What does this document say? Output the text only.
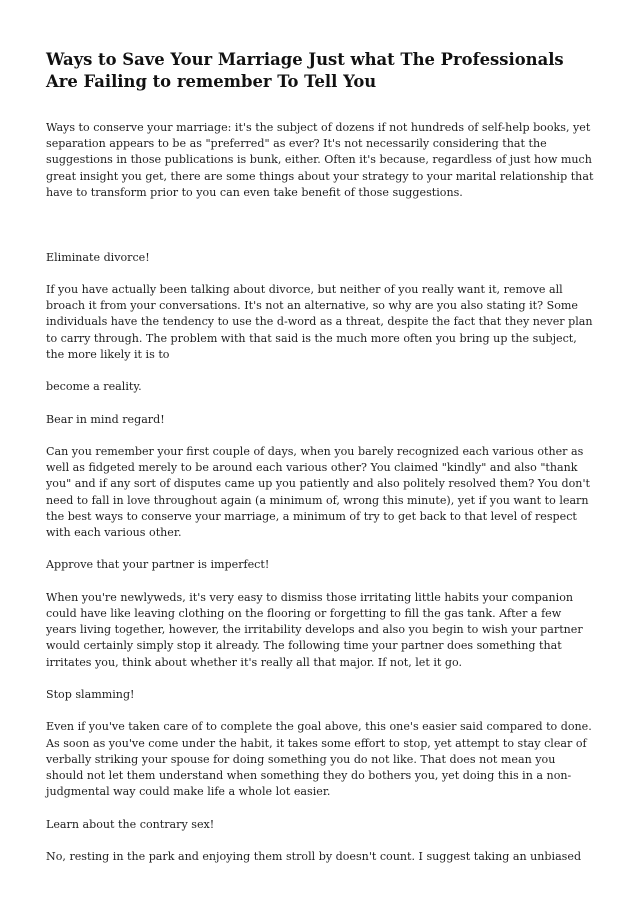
Ways to Save Your Marriage Just what The Professionals Are Failing to remember To Tell You

Ways to conserve your marriage: it's the subject of dozens if not hundreds of self-help books, yet separation appears to be as "preferred" as ever? It's not necessarily considering that the suggestions in those publications is bunk, either. Often it's because, regardless of just how much great insight you get, there are some things about your strategy to your marital relationship that have to transform prior to you can even take benefit of those suggestions.

Eliminate divorce!

If you have actually been talking about divorce, but neither of you really want it, remove all broach it from your conversations. It's not an alternative, so why are you also stating it? Some individuals have the tendency to use the d-word as a threat, despite the fact that they never plan to carry through. The problem with that said is the much more often you bring up the subject, the more likely it is to

become a reality.

Bear in mind regard!

Can you remember your first couple of days, when you barely recognized each various other as well as fidgeted merely to be around each various other? You claimed "kindly" and also "thank you" and if any sort of disputes came up you patiently and also politely resolved them? You don't need to fall in love throughout again (a minimum of, wrong this minute), yet if you want to learn the best ways to conserve your marriage, a minimum of try to get back to that level of respect with each various other.

Approve that your partner is imperfect!

When you're newlyweds, it's very easy to dismiss those irritating little habits your companion could have like leaving clothing on the flooring or forgetting to fill the gas tank. After a few years living together, however, the irritability develops and also you begin to wish your partner would certainly simply stop it already. The following time your partner does something that irritates you, think about whether it's really all that major. If not, let it go.

Stop slamming!

Even if you've taken care of to complete the goal above, this one's easier said compared to done. As soon as you've come under the habit, it takes some effort to stop, yet attempt to stay clear of verbally striking your spouse for doing something you do not like. That does not mean you should not let them understand when something they do bothers you, yet doing this in a non-judgmental way could make life a whole lot easier.

Learn about the contrary sex!

No, resting in the park and enjoying them stroll by doesn't count. I suggest taking an unbiased
